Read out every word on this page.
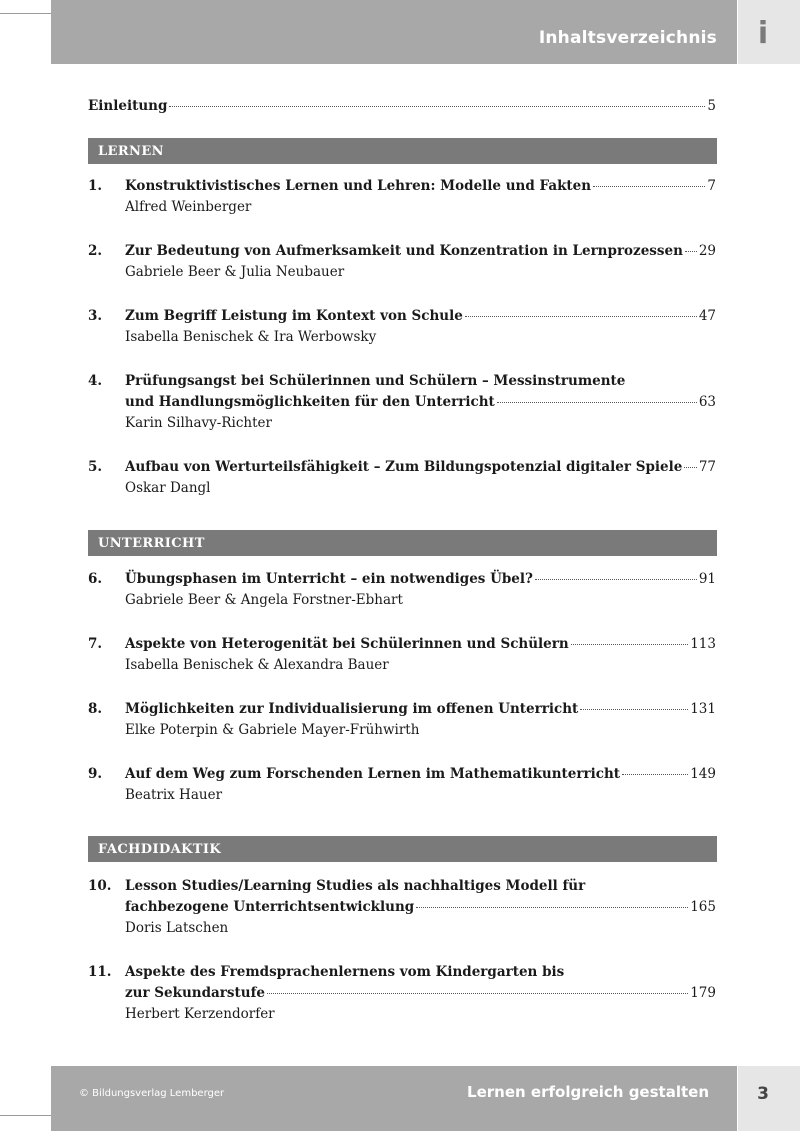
Inhaltsverzeichnis	i
Einleitung	5
LERNEN
1. Konstruktivistisches Lernen und Lehren: Modelle und Fakten	7
Alfred Weinberger
2. Zur Bedeutung von Aufmerksamkeit und Konzentration in Lernprozessen 29
Gabriele Beer & Julia Neubauer
3. Zum Begriff Leistung im Kontext von Schule	47
Isabella Benischek & Ira Werbowsky
4. Prüfungsangst bei Schülerinnen und Schülern – Messinstrumente
und Handlungsmöglichkeiten für den Unterricht	63
Karin Silhavy-Richter
5. Aufbau von Werturteilsfähigkeit – Zum Bildungspotenzial digitaler Spiele 77
Oskar Dangl
UNTERRICHT
6. Übungsphasen im Unterricht – ein notwendiges Übel?	91
Gabriele Beer & Angela Forstner-Ebhart
7. Aspekte von Heterogenität bei Schülerinnen und Schülern	113
Isabella Benischek & Alexandra Bauer
8. Möglichkeiten zur Individualisierung im offenen Unterricht	131
Elke Poterpin & Gabriele Mayer-Frühwirth
9. Auf dem Weg zum Forschenden Lernen im Mathematikunterricht	149
Beatrix Hauer
FACHDIDAKTIK
10. Lesson Studies/Learning Studies als nachhaltiges Modell für
fachbezogene Unterrichtsentwicklung	165
Doris Latschen
11. Aspekte des Fremdsprachenlernens vom Kindergarten bis
zur Sekundarstufe	179
Herbert Kerzendorfer
© Bildungsverlag Lemberger	Lernen erfolgreich gestalten	3
